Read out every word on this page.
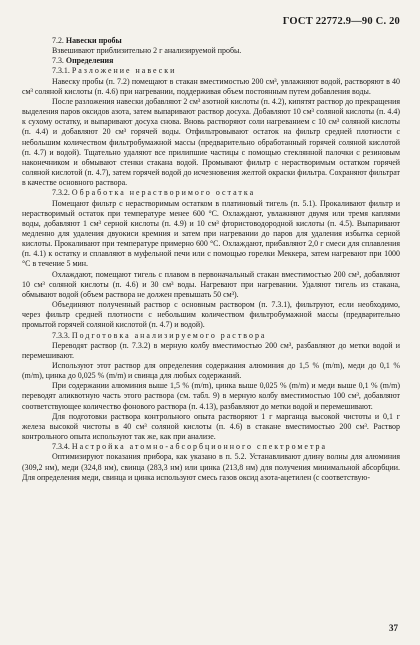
ГОСТ 22772.9—90 С. 20

7.2. Навески пробы

Взвешивают приблизительно 2 г анализируемой пробы.

7.3. Определения

7.3.1. Разложение навески

Навеску пробы (п. 7.2) помещают в стакан вместимостью 200 см³, увлажняют водой, растворяют в 40 см³ соляной кислоты (п. 4.6) при нагревании, поддерживая объем постоянным путем добавления воды.

После разложения навески добавляют 2 см³ азотной кислоты (п. 4.2), кипятят раствор до прекращения выделения паров оксидов азота, затем выпаривают раствор досуха. Добавляют 10 см³ соляной кислоты (п. 4.4) к сухому остатку, и выпаривают досуха снова. Вновь растворяют соли нагреванием с 10 см³ соляной кислоты (п. 4.4) и добавляют 20 см³ горячей воды. Отфильтровывают остаток на фильтр средней плотности с небольшим количеством фильтробумажной массы (предварительно обработанный горячей соляной кислотой (п. 4.7) и водой). Тщательно удаляют все прилипшие частицы с помощью стеклянной палочки с резиновым наконечником и обмывают стенки стакана водой. Промывают фильтр с нерастворимым остатком горячей соляной кислотой (п. 4.7), затем горячей водой до исчезновения желтой окраски фильтра. Сохраняют фильтрат в качестве основного раствора.

7.3.2. Обработка нерастворимого остатка

Помещают фильтр с нерастворимым остатком в платиновый тигель (п. 5.1). Прокаливают фильтр и нерастворимый остаток при температуре менее 600 °С. Охлаждают, увлажняют двумя или тремя каплями воды, добавляют 1 см³ серной кислоты (п. 4.9) и 10 см³ фтористоводородной кислоты (п. 4.5). Выпаривают медленно для удаления двуокиси кремния и затем при нагревании до паров для удаления избытка серной кислоты. Прокаливают при температуре примерно 600 °С. Охлаждают, прибавляют 2,0 г смеси для сплавления (п. 4.1) к остатку и сплавляют в муфельной печи или с помощью горелки Меккера, затем нагревают при 1000 °С в течение 5 мин.

Охлаждают, помещают тигель с плавом в первоначальный стакан вместимостью 200 см³, добавляют 10 см³ соляной кислоты (п. 4.6) и 30 см³ воды. Нагревают при нагревании. Удаляют тигель из стакана, обмывают водой (объем раствора не должен превышать 50 см³).

Объединяют полученный раствор с основным раствором (п. 7.3.1), фильтруют, если необходимо, через фильтр средней плотности с небольшим количеством фильтробумажной массы (предварительно промытой горячей соляной кислотой (п. 4.7) и водой).

7.3.3. Подготовка анализируемого раствора

Переводят раствор (п. 7.3.2) в мерную колбу вместимостью 200 см³, разбавляют до метки водой и перемешивают.

Используют этот раствор для определения содержания алюминия до 1,5 % (m/m), меди до 0,1 % (m/m), цинка до 0,025 % (m/m) и свинца для любых содержаний.

При содержании алюминия выше 1,5 % (m/m), цинка выше 0,025 % (m/m) и меди выше 0,1 % (m/m) переводят аликвотную часть этого раствора (см. табл. 9) в мерную колбу вместимостью 100 см³, добавляют соответствующее количество фонового раствора (п. 4.13), разбавляют до метки водой и перемешивают.

Для подготовки раствора контрольного опыта растворяют 1 г марганца высокой чистоты и 0,1 г железа высокой чистоты в 40 см³ соляной кислоты (п. 4.6) в стакане вместимостью 200 см³. Раствор контрольного опыта используют так же, как при анализе.

7.3.4. Настройка атомно-абсорбционного спектрометра

Оптимизируют показания прибора, как указано в п. 5.2. Устанавливают длину волны для алюминия (309,2 нм), меди (324,8 нм), свинца (283,3 нм) или цинка (213,8 нм) для получения минимальной абсорбции. Для определения меди, свинца и цинка используют смесь газов оксид азота-ацетилен (с соответствую-

37
